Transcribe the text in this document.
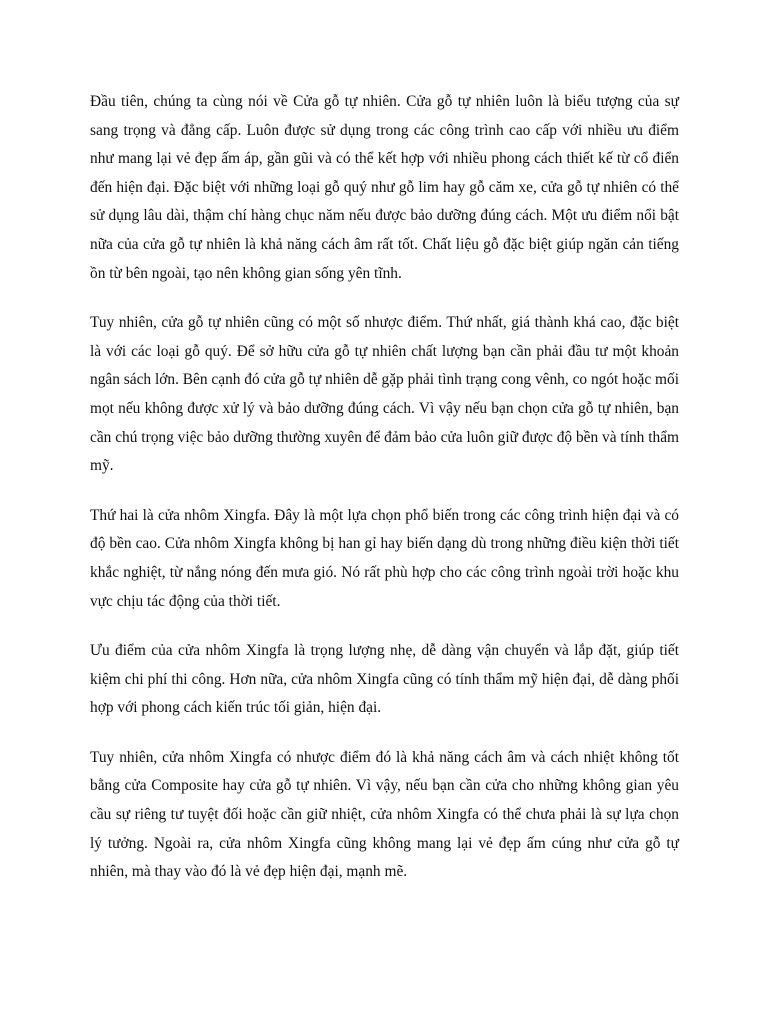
Đầu tiên, chúng ta cùng nói về Cửa gỗ tự nhiên. Cửa gỗ tự nhiên luôn là biểu tượng của sự sang trọng và đẳng cấp. Luôn được sử dụng trong các công trình cao cấp với nhiều ưu điểm như mang lại vẻ đẹp ấm áp, gần gũi và có thể kết hợp với nhiều phong cách thiết kế từ cổ điển đến hiện đại. Đặc biệt với những loại gỗ quý như gỗ lim hay gỗ căm xe, cửa gỗ tự nhiên có thể sử dụng lâu dài, thậm chí hàng chục năm nếu được bảo dưỡng đúng cách. Một ưu điểm nổi bật nữa của cửa gỗ tự nhiên là khả năng cách âm rất tốt. Chất liệu gỗ đặc biệt giúp ngăn cản tiếng ồn từ bên ngoài, tạo nên không gian sống yên tĩnh.

Tuy nhiên, cửa gỗ tự nhiên cũng có một số nhược điểm. Thứ nhất, giá thành khá cao, đặc biệt là với các loại gỗ quý. Để sở hữu cửa gỗ tự nhiên chất lượng bạn cần phải đầu tư một khoản ngân sách lớn. Bên cạnh đó cửa gỗ tự nhiên dễ gặp phải tình trạng cong vênh, co ngót hoặc mối mọt nếu không được xử lý và bảo dưỡng đúng cách. Vì vậy nếu bạn chọn cửa gỗ tự nhiên, bạn cần chú trọng việc bảo dưỡng thường xuyên để đảm bảo cửa luôn giữ được độ bền và tính thẩm mỹ.

Thứ hai là cửa nhôm Xingfa. Đây là một lựa chọn phổ biến trong các công trình hiện đại và có độ bền cao. Cửa nhôm Xingfa không bị han gỉ hay biến dạng dù trong những điều kiện thời tiết khắc nghiệt, từ nắng nóng đến mưa gió. Nó rất phù hợp cho các công trình ngoài trời hoặc khu vực chịu tác động của thời tiết.

Ưu điểm của cửa nhôm Xingfa là trọng lượng nhẹ, dễ dàng vận chuyển và lắp đặt, giúp tiết kiệm chi phí thi công. Hơn nữa, cửa nhôm Xingfa cũng có tính thẩm mỹ hiện đại, dễ dàng phối hợp với phong cách kiến trúc tối giản, hiện đại.

Tuy nhiên, cửa nhôm Xingfa có nhược điểm đó là khả năng cách âm và cách nhiệt không tốt bằng cửa Composite hay cửa gỗ tự nhiên. Vì vậy, nếu bạn cần cửa cho những không gian yêu cầu sự riêng tư tuyệt đối hoặc cần giữ nhiệt, cửa nhôm Xingfa có thể chưa phải là sự lựa chọn lý tưởng. Ngoài ra, cửa nhôm Xingfa cũng không mang lại vẻ đẹp ấm cúng như cửa gỗ tự nhiên, mà thay vào đó là vẻ đẹp hiện đại, mạnh mẽ.
